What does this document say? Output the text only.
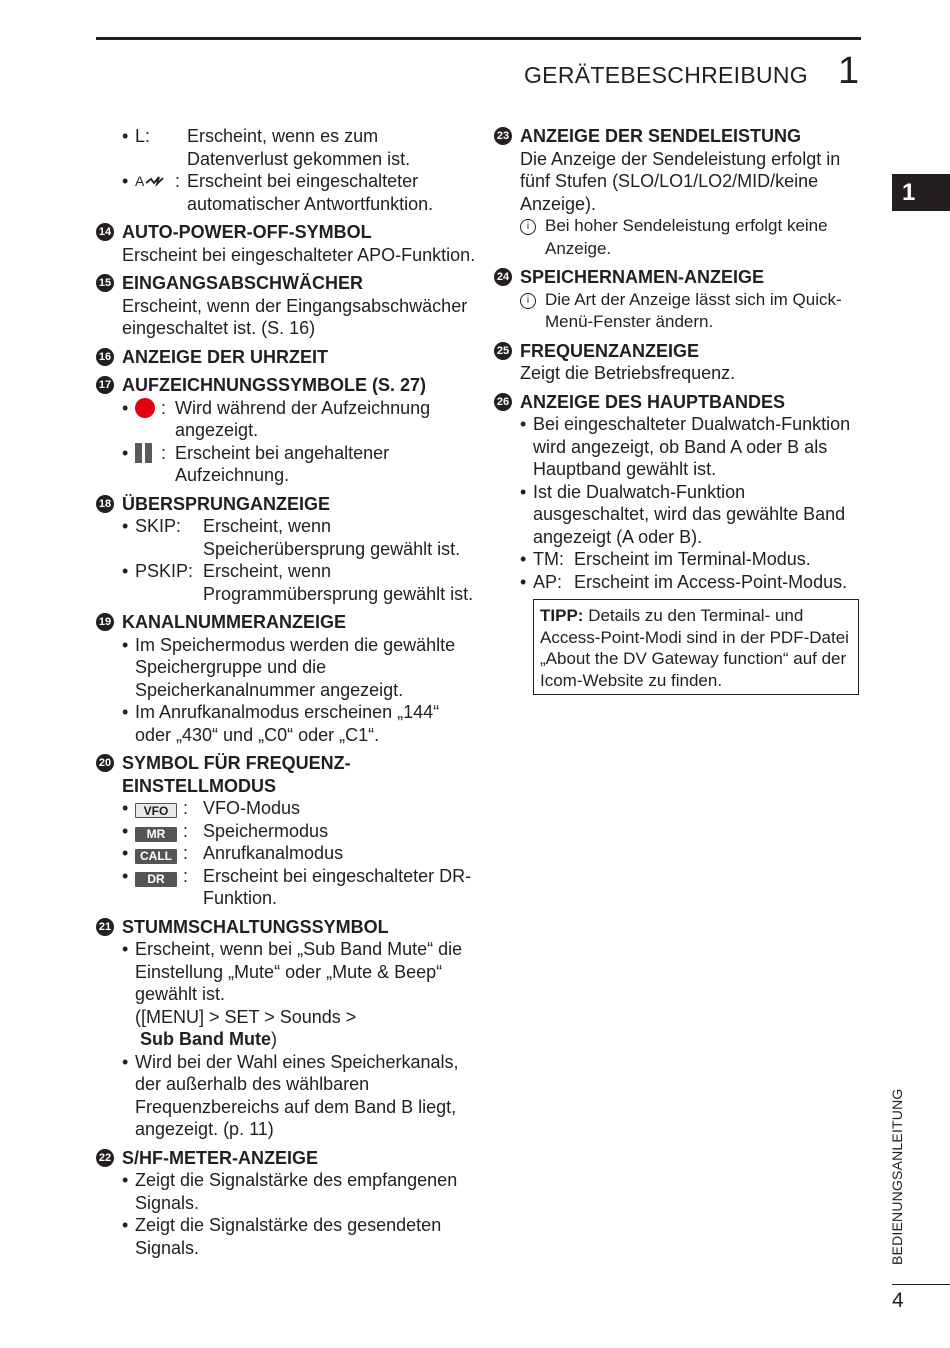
GERÄTEBESCHREIBUNG 1
1
BEDIENUNGSANLEITUNG
4
• L:	Erscheint, wenn es zum Datenverlust gekommen ist.
• A : Erscheint bei eingeschalteter automatischer Antwortfunktion.
14 AUTO-POWER-OFF-SYMBOL
Erscheint bei eingeschalteter APO-Funktion.
15 EINGANGSABSCHWÄCHER
Erscheint, wenn der Eingangsabschwächer eingeschaltet ist. (S. 16)
16 ANZEIGE DER UHRZEIT
17 AUFZEICHNUNGSSYMBOLE (S. 27)
•	: Wird während der Aufzeichnung angezeigt.
•	: Erscheint bei angehaltener Aufzeichnung.
18 ÜBERSPRUNGANZEIGE
• SKIP:	Erscheint, wenn Speicherübersprung gewählt ist.
• PSKIP: Erscheint, wenn Programmübersprung gewählt ist.
19 KANALNUMMERANZEIGE
• Im Speichermodus werden die gewählte Speichergruppe und die Speicherkanalnummer angezeigt.
• Im Anrufkanalmodus erscheinen „144“ oder „430“ und „C0“ oder „C1“.
20 SYMBOL FÜR FREQUENZ-EINSTELLMODUS
•	VFO : VFO-Modus
•	MR : Speichermodus
• CALL : Anrufkanalmodus
•	DR	: Erscheint bei eingeschalteter DR-Funktion.
21 STUMMSCHALTUNGSSYMBOL
• Erscheint, wenn bei „Sub Band Mute“ die Einstellung „Mute“ oder „Mute & Beep“ gewählt ist.
([MENU] > SET > Sounds >
Sub Band Mute)
• Wird bei der Wahl eines Speicherkanals, der außerhalb des wählbaren Frequenzbereichs auf dem Band B liegt, angezeigt. (p. 11)
22 S/HF-METER-ANZEIGE
• Zeigt die Signalstärke des empfangenen Signals.
• Zeigt die Signalstärke des gesendeten Signals.
23 ANZEIGE DER SENDELEISTUNG
Die Anzeige der Sendeleistung erfolgt in fünf Stufen (SLO/LO1/LO2/MID/keine Anzeige).
i Bei hoher Sendeleistung erfolgt keine Anzeige.
24 SPEICHERNAMEN-ANZEIGE
i Die Art der Anzeige lässt sich im Quick-Menü-Fenster ändern.
25 FREQUENZANZEIGE
Zeigt die Betriebsfrequenz.
26 ANZEIGE DES HAUPTBANDES
• Bei eingeschalteter Dualwatch-Funktion wird angezeigt, ob Band A oder B als Hauptband gewählt ist.
• Ist die Dualwatch-Funktion ausgeschaltet, wird das gewählte Band angezeigt (A oder B).
• TM: Erscheint im Terminal-Modus.
• AP: Erscheint im Access-Point-Modus.
TIPP: Details zu den Terminal- und Access-Point-Modi sind in der PDF-Datei „About the DV Gateway function“ auf der Icom-Website zu finden.
